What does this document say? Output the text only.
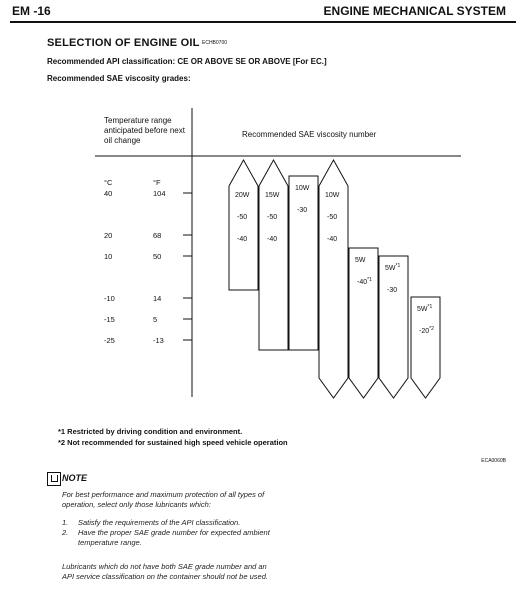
EM -16	ENGINE MECHANICAL SYSTEM
SELECTION OF ENGINE OIL ECHB0700
Recommended API classification: CE OR ABOVE SE OR ABOVE [For EC.]
Recommended SAE viscosity grades:
Temperature range anticipated before next oil change
Recommended SAE viscosity number
20W
-50
-40
15W
-50
-40
10W
-30
10W
-50
-40
5W
-40$^{*1}$
$5W^{*1}$
-30
$5W^{*1}$
-20$^{*2}$
°C	°F
40	104
20	68
10	50
-10	14
-15	5
-25	-13
*1 Restricted by driving condition and environment.
*2 Not recommended for sustained high speed vehicle operation
ECA0060B
NOTE
For best performance and maximum protection of all types of operation, select only those lubricants which:
1. Satisfy the requirements of the API classification.
2. Have the proper SAE grade number for expected ambient temperature range.
Lubricants which do not have both SAE grade number and an API service classification on the container should not be used.
